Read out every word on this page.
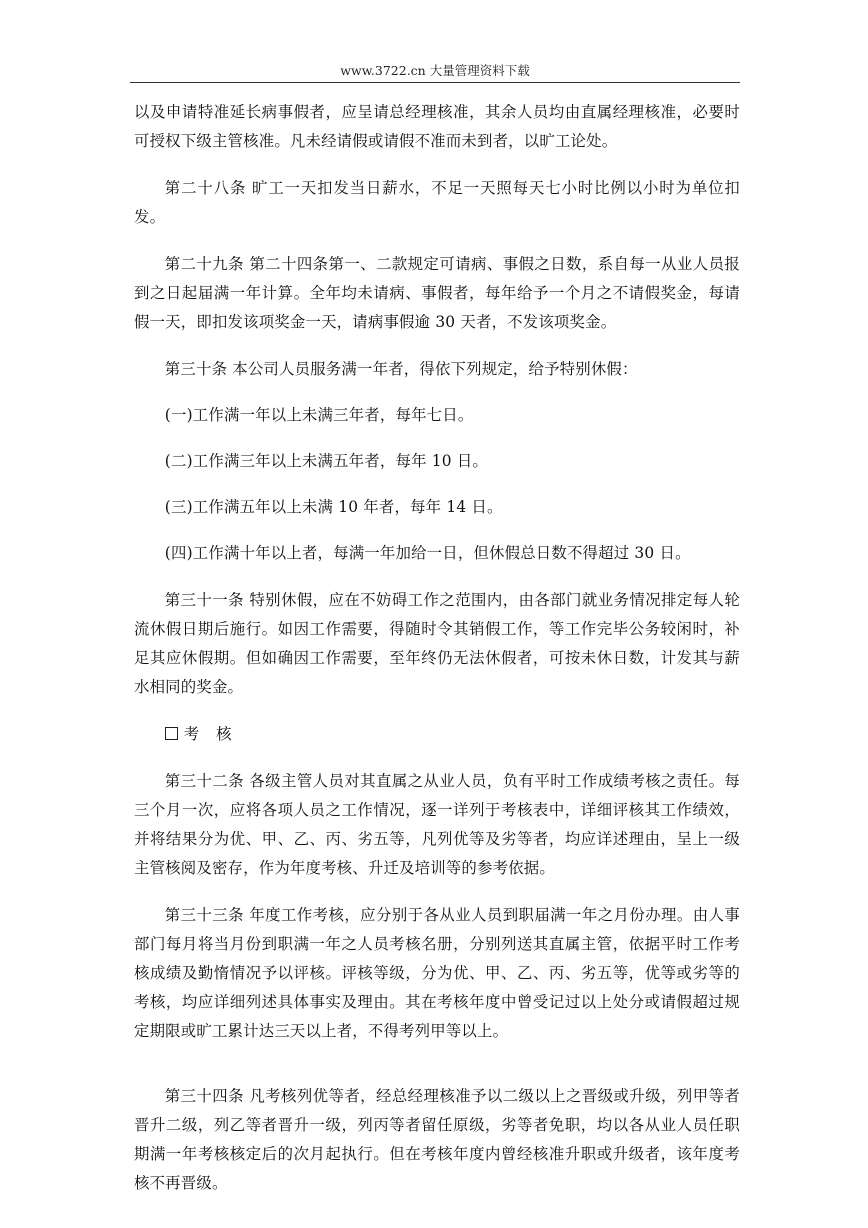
www.3722.cn 大量管理资料下载

以及申请特准延长病事假者，应呈请总经理核准，其余人员均由直属经理核准，必要时可授权下级主管核准。凡未经请假或请假不准而未到者，以旷工论处。

第二十八条 旷工一天扣发当日薪水，不足一天照每天七小时比例以小时为单位扣发。

第二十九条 第二十四条第一、二款规定可请病、事假之日数，系自每一从业人员报到之日起届满一年计算。全年均未请病、事假者，每年给予一个月之不请假奖金，每请假一天，即扣发该项奖金一天，请病事假逾 30 天者，不发该项奖金。

第三十条 本公司人员服务满一年者，得依下列规定，给予特别休假：

(一)工作满一年以上未满三年者，每年七日。

(二)工作满三年以上未满五年者，每年 10 日。

(三)工作满五年以上未满 10 年者，每年 14 日。

(四)工作满十年以上者，每满一年加给一日，但休假总日数不得超过 30 日。

第三十一条 特别休假，应在不妨碍工作之范围内，由各部门就业务情况排定每人轮流休假日期后施行。如因工作需要，得随时令其销假工作，等工作完毕公务较闲时，补足其应休假期。但如确因工作需要，至年终仍无法休假者，可按未休日数，计发其与薪水相同的奖金。

考 核

第三十二条 各级主管人员对其直属之从业人员，负有平时工作成绩考核之责任。每三个月一次，应将各项人员之工作情况，逐一详列于考核表中，详细评核其工作绩效，并将结果分为优、甲、乙、丙、劣五等，凡列优等及劣等者，均应详述理由，呈上一级主管核阅及密存，作为年度考核、升迁及培训等的参考依据。

第三十三条 年度工作考核，应分别于各从业人员到职届满一年之月份办理。由人事部门每月将当月份到职满一年之人员考核名册，分别列送其直属主管，依据平时工作考核成绩及勤惰情况予以评核。评核等级，分为优、甲、乙、丙、劣五等，优等或劣等的考核，均应详细列述具体事实及理由。其在考核年度中曾受记过以上处分或请假超过规定期限或旷工累计达三天以上者，不得考列甲等以上。

第三十四条 凡考核列优等者，经总经理核准予以二级以上之晋级或升级，列甲等者晋升二级，列乙等者晋升一级，列丙等者留任原级，劣等者免职，均以各从业人员任职期满一年考核核定后的次月起执行。但在考核年度内曾经核准升职或升级者，该年度考核不再晋级。
